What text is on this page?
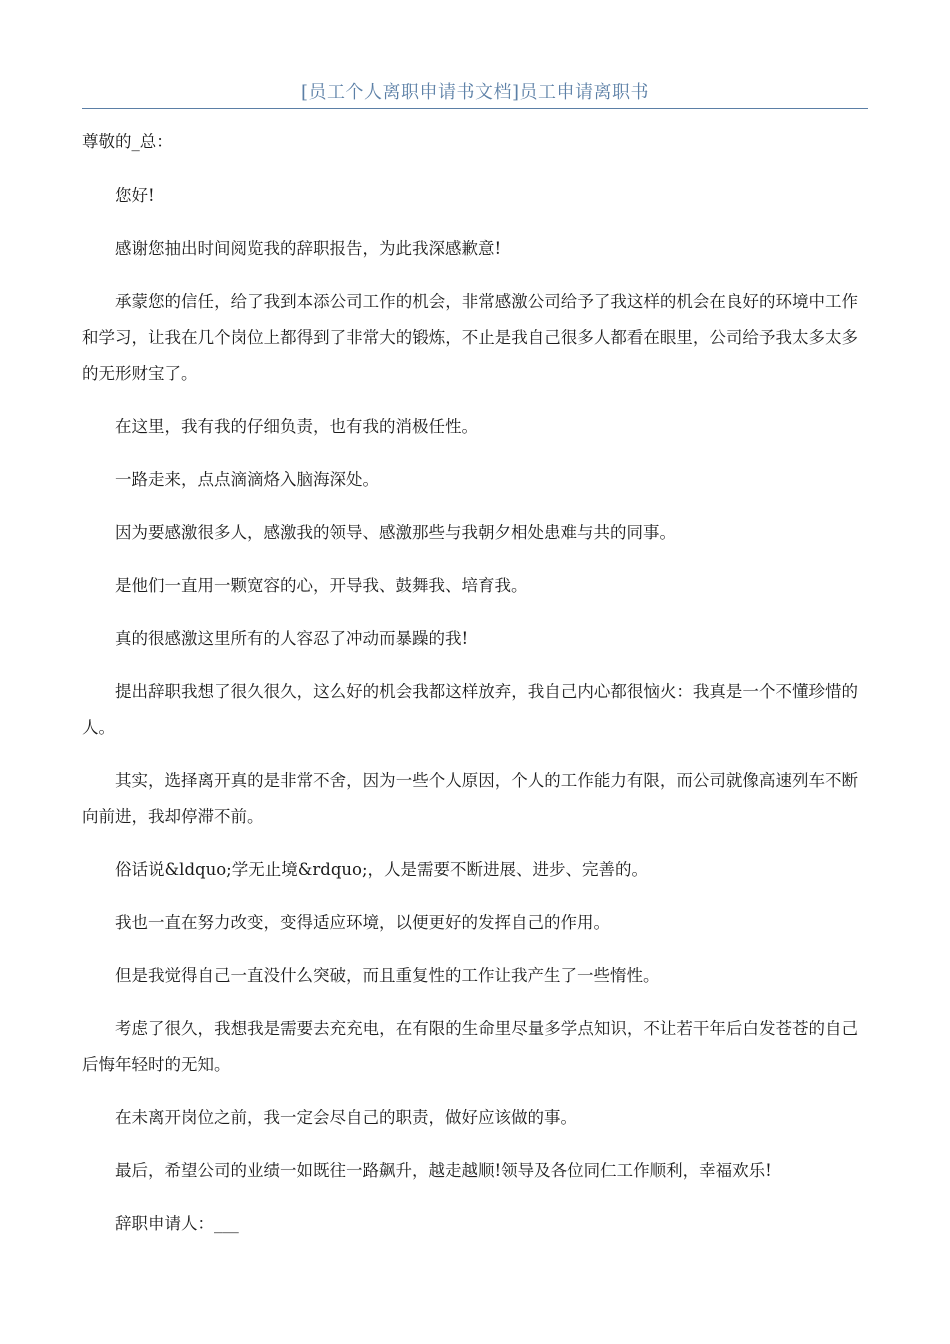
[员工个人离职申请书文档]员工申请离职书

尊敬的_总：

您好!

感谢您抽出时间阅览我的辞职报告，为此我深感歉意!

承蒙您的信任，给了我到本添公司工作的机会，非常感激公司给予了我这样的机会在良好的环境中工作和学习，让我在几个岗位上都得到了非常大的锻炼，不止是我自己很多人都看在眼里，公司给予我太多太多的无形财宝了。

在这里，我有我的仔细负责，也有我的消极任性。

一路走来，点点滴滴烙入脑海深处。

因为要感激很多人，感激我的领导、感激那些与我朝夕相处患难与共的同事。

是他们一直用一颗宽容的心，开导我、鼓舞我、培育我。

真的很感激这里所有的人容忍了冲动而暴躁的我!

提出辞职我想了很久很久，这么好的机会我都这样放弃，我自己内心都很恼火：我真是一个不懂珍惜的人。

其实，选择离开真的是非常不舍，因为一些个人原因，个人的工作能力有限，而公司就像高速列车不断向前进，我却停滞不前。

俗话说&ldquo;学无止境&rdquo;，人是需要不断进展、进步、完善的。

我也一直在努力改变，变得适应环境，以便更好的发挥自己的作用。

但是我觉得自己一直没什么突破，而且重复性的工作让我产生了一些惰性。

考虑了很久，我想我是需要去充充电，在有限的生命里尽量多学点知识，不让若干年后白发苍苍的自己后悔年轻时的无知。

在未离开岗位之前，我一定会尽自己的职责，做好应该做的事。

最后，希望公司的业绩一如既往一路飙升，越走越顺!领导及各位同仁工作顺利，幸福欢乐!

辞职申请人：___
